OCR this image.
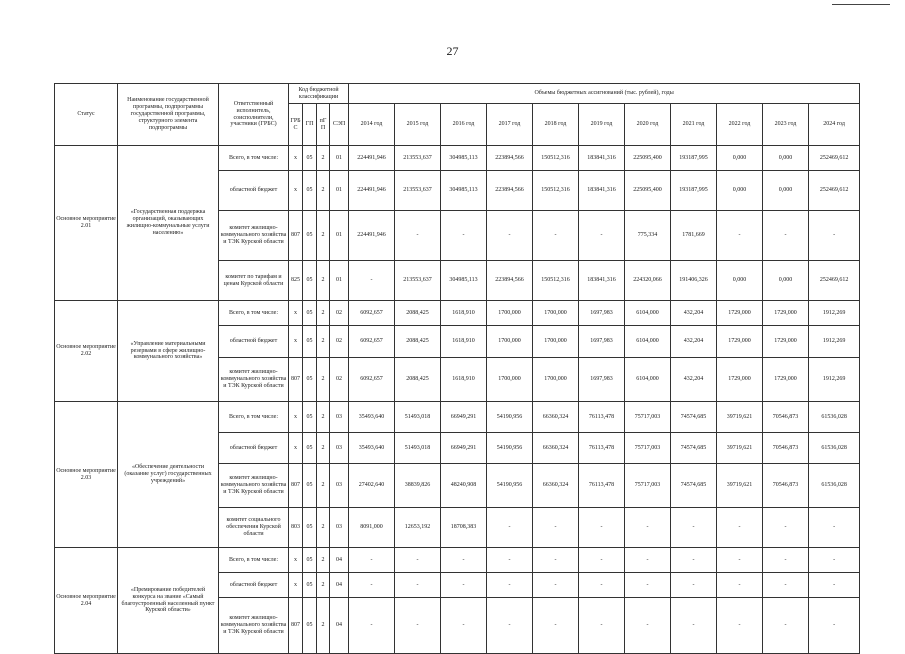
27
Статус	Наименование государственной программы, подпрограммы государственной программы, структурного элемента подпрограммы	Ответственный исполнитель, соисполнители, участники (ГРБС)	Код бюджетной классификации				Объемы бюджетных ассигнований (тыс. рублей), годы										
			ГРБС	ГП	пГП	СЭП	2014 год	2015 год	2016 год	2017 год	2018 год	2019 год	2020 год	2021 год	2022 год	2023 год	2024 год
Основное мероприятие 2.01	«Государственная поддержка организаций, оказывающих жилищно-коммунальные услуги населению»	Всего, в том числе:	х	05	2	01	224491,946	213553,637	304985,113	223894,566	150512,316	183841,316	225095,400	193187,995	0,000	0,000	252469,612
		областной бюджет	х	05	2	01	224491,946	213553,637	304985,113	223894,566	150512,316	183841,316	225095,400	193187,995	0,000	0,000	252469,612
		комитет жилищно-коммунального хозяйства и ТЭК Курской области	807	05	2	01	224491,946	-	-	-	-	-	775,334	1781,669	-	-	-
		комитет по тарифам и ценам Курской области	825	05	2	01	-	213553,637	304985,113	223894,566	150512,316	183841,316	224320,066	191406,326	0,000	0,000	252469,612
Основное мероприятие 2.02	«Управление материальными резервами в сфере жилищно-коммунального хозяйства»	Всего, в том числе:	х	05	2	02	6092,657	2088,425	1618,910	1700,000	1700,000	1697,983	6104,000	432,204	1729,000	1729,000	1912,269
		областной бюджет	х	05	2	02	6092,657	2088,425	1618,910	1700,000	1700,000	1697,983	6104,000	432,204	1729,000	1729,000	1912,269
		комитет жилищно-коммунального хозяйства и ТЭК Курской области	807	05	2	02	6092,657	2088,425	1618,910	1700,000	1700,000	1697,983	6104,000	432,204	1729,000	1729,000	1912,269
Основное мероприятие 2.03	«Обеспечение деятельности (оказание услуг) государственных учреждений»	Всего, в том числе:	х	05	2	03	35493,640	51493,018	66949,291	54190,956	66360,324	76113,478	75717,003	74574,685	39719,621	70546,873	61536,028
		областной бюджет	х	05	2	03	35493,640	51493,018	66949,291	54190,956	66360,324	76113,478	75717,003	74574,685	39719,621	70546,873	61536,028
		комитет жилищно-коммунального хозяйства и ТЭК Курской области	807	05	2	03	27402,640	38839,826	48240,908	54190,956	66360,324	76113,478	75717,003	74574,685	39719,621	70546,873	61536,028
		комитет социального обеспечения Курской области	803	05	2	03	8091,000	12653,192	18708,383	-	-	-	-	-	-	-	-
Основное мероприятие 2.04	«Премирование победителей конкурса на звание «Самый благоустроенный населенный пункт Курской области»	Всего, в том числе:	х	05	2	04	-	-	-	-	-	-	-	-	-	-	-
		областной бюджет	х	05	2	04	-	-	-	-	-	-	-	-	-	-	-
		комитет жилищно-коммунального хозяйства и ТЭК Курской области	807	05	2	04	-	-	-	-	-	-	-	-	-	-	-
